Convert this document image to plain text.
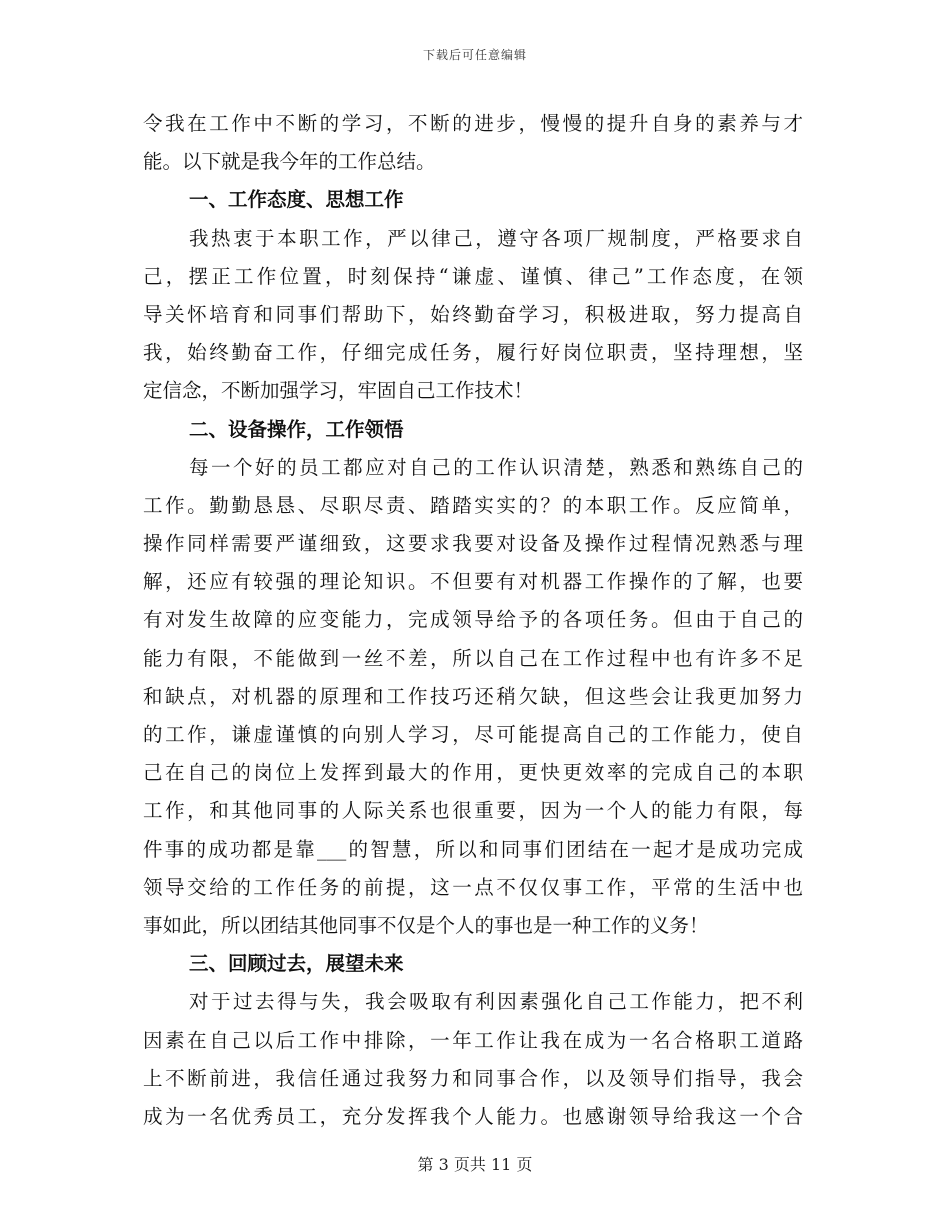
下载后可任意编辑
令我在工作中不断的学习，不断的进步，慢慢的提升自身的素养与才
能。以下就是我今年的工作总结。
一、工作态度、思想工作
我热衷于本职工作，严以律己，遵守各项厂规制度，严格要求自
己，摆正工作位置，时刻保持“谦虚、谨慎、律己”工作态度，在领
导关怀培育和同事们帮助下，始终勤奋学习，积极进取，努力提高自
我，始终勤奋工作，仔细完成任务，履行好岗位职责，坚持理想，坚
定信念，不断加强学习，牢固自己工作技术！
二、设备操作，工作领悟
每一个好的员工都应对自己的工作认识清楚，熟悉和熟练自己的
工作。勤勤恳恳、尽职尽责、踏踏实实的？的本职工作。反应简单，
操作同样需要严谨细致，这要求我要对设备及操作过程情况熟悉与理
解，还应有较强的理论知识。不但要有对机器工作操作的了解，也要
有对发生故障的应变能力，完成领导给予的各项任务。但由于自己的
能力有限，不能做到一丝不差，所以自己在工作过程中也有许多不足
和缺点，对机器的原理和工作技巧还稍欠缺，但这些会让我更加努力
的工作，谦虚谨慎的向别人学习，尽可能提高自己的工作能力，使自
己在自己的岗位上发挥到最大的作用，更快更效率的完成自己的本职
工作，和其他同事的人际关系也很重要，因为一个人的能力有限，每
件事的成功都是靠___的智慧，所以和同事们团结在一起才是成功完成
领导交给的工作任务的前提，这一点不仅仅事工作，平常的生活中也
事如此，所以团结其他同事不仅是个人的事也是一种工作的义务！
三、回顾过去，展望未来
对于过去得与失，我会吸取有利因素强化自己工作能力，把不利
因素在自己以后工作中排除，一年工作让我在成为一名合格职工道路
上不断前进，我信任通过我努力和同事合作，以及领导们指导，我会
成为一名优秀员工，充分发挥我个人能力。也感谢领导给我这一个合
第 3 页共 11 页
